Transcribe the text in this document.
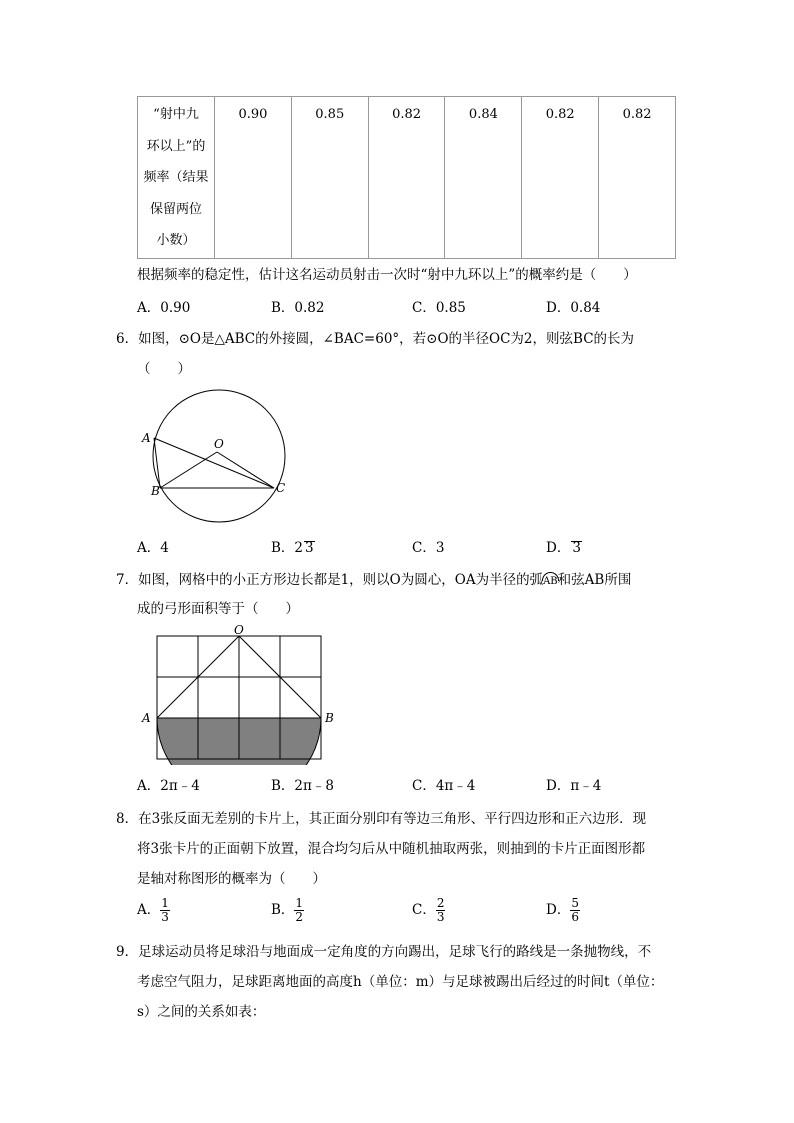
“射中九
环以上”的
频率（结果
保留两位
小数）
	0.90	0.85	0.82	0.84	0.82	0.82
根据频率的稳定性，估计这名运动员射击一次时“射中九环以上”的概率约是（　　）
A．0.90	B．0.82	C．0.85	D．0.84
6．如图，⊙O是△ABC的外接圆，∠BAC=60°，若⊙O的半径OC为2，则弦BC的长为
（　　）
A	O
B	C
A．4	B．2 3	C．3	D． 3
7．如图，网格中的小正方形边长都是1，则以O为圆心，OA为半径的弧AB和弦AB所围
成的弓形面积等于（　　）
O
A	B
A．2π﹣4	B．2π﹣8	C．4π﹣4	D．π﹣4
8．在3张反面无差别的卡片上，其正面分别印有等边三角形、平行四边形和正六边形．现
将3张卡片的正面朝下放置，混合均匀后从中随机抽取两张，则抽到的卡片正面图形都
是轴对称图形的概率为（　　）
A． $\frac{1}{3}$	B． $\frac{1}{2}$	C． $\frac{2}{3}$	D． $\frac{5}{6}$
9．足球运动员将足球沿与地面成一定角度的方向踢出，足球飞行的路线是一条抛物线，不
考虑空气阻力，足球距离地面的高度h（单位：m）与足球被踢出后经过的时间t（单位：
s）之间的关系如表：
